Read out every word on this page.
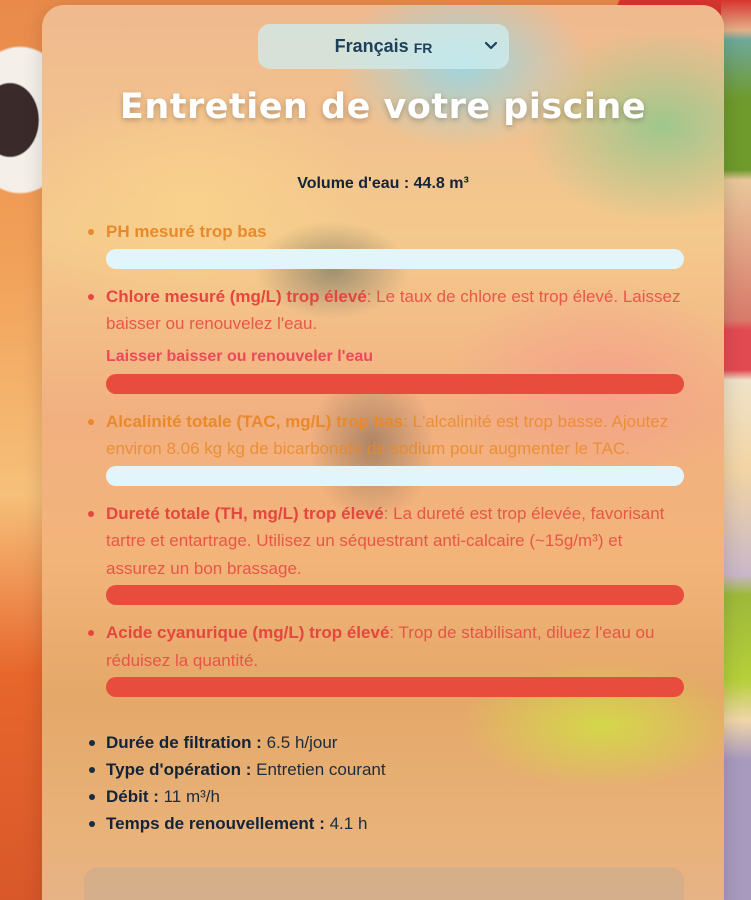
Français FR
Entretien de votre piscine
Volume d'eau : 44.8 m³
PH mesuré trop bas
Chlore mesuré (mg/L) trop élevé: Le taux de chlore est trop élevé. Laissez baisser ou renouvelez l'eau.
Laisser baisser ou renouveler l'eau
Alcalinité totale (TAC, mg/L) trop bas: L'alcalinité est trop basse. Ajoutez environ 8.06 kg kg de bicarbonate de sodium pour augmenter le TAC.
Dureté totale (TH, mg/L) trop élevé: La dureté est trop élevée, favorisant tartre et entartrage. Utilisez un séquestrant anti-calcaire (~15g/m³) et assurez un bon brassage.
Acide cyanurique (mg/L) trop élevé: Trop de stabilisant, diluez l'eau ou réduisez la quantité.
Durée de filtration : 6.5 h/jour
Type d'opération : Entretien courant
Débit : 11 m³/h
Temps de renouvellement : 4.1 h
